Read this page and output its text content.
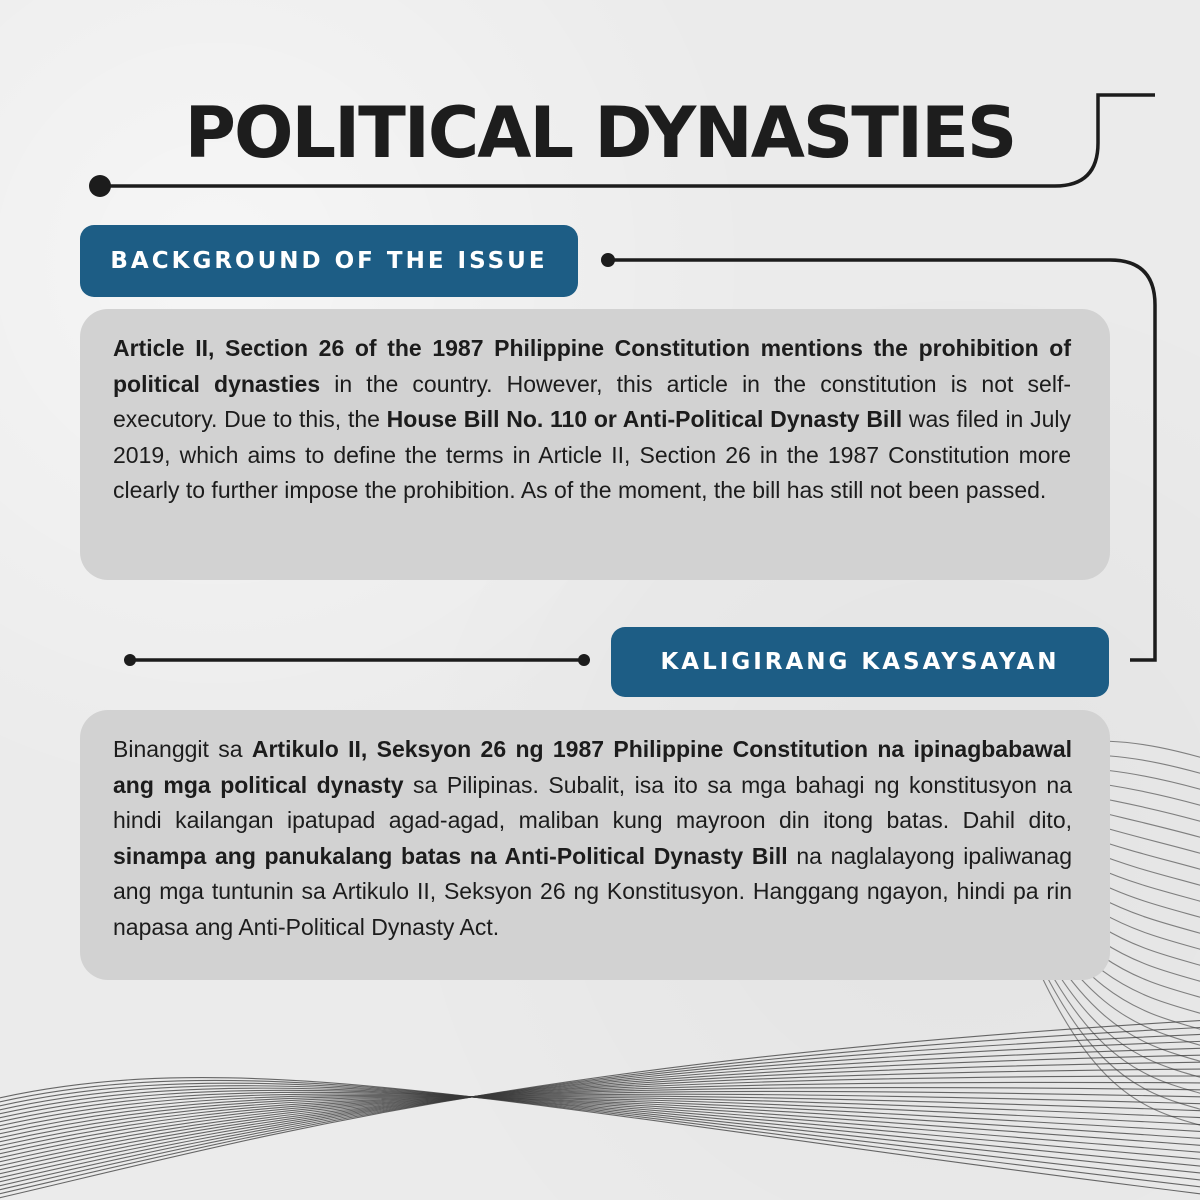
POLITICAL DYNASTIES
BACKGROUND OF THE ISSUE
Article II, Section 26 of the 1987 Philippine Constitution mentions the prohibition of political dynasties in the country. However, this article in the constitution is not self-executory. Due to this, the House Bill No. 110 or Anti-Political Dynasty Bill was filed in July 2019, which aims to define the terms in Article II, Section 26 in the 1987 Constitution more clearly to further impose the prohibition. As of the moment, the bill has still not been passed.
KALIGIRANG KASAYSAYAN
Binanggit sa Artikulo II, Seksyon 26 ng 1987 Philippine Constitution na ipinagbabawal ang mga political dynasty sa Pilipinas. Subalit, isa ito sa mga bahagi ng konstitusyon na hindi kailangan ipatupad agad-agad, maliban kung mayroon din itong batas. Dahil dito, sinampa ang panukalang batas na Anti-Political Dynasty Bill na naglalayong ipaliwanag ang mga tuntunin sa Artikulo II, Seksyon 26 ng Konstitusyon. Hanggang ngayon, hindi pa rin napasa ang Anti-Political Dynasty Act.
